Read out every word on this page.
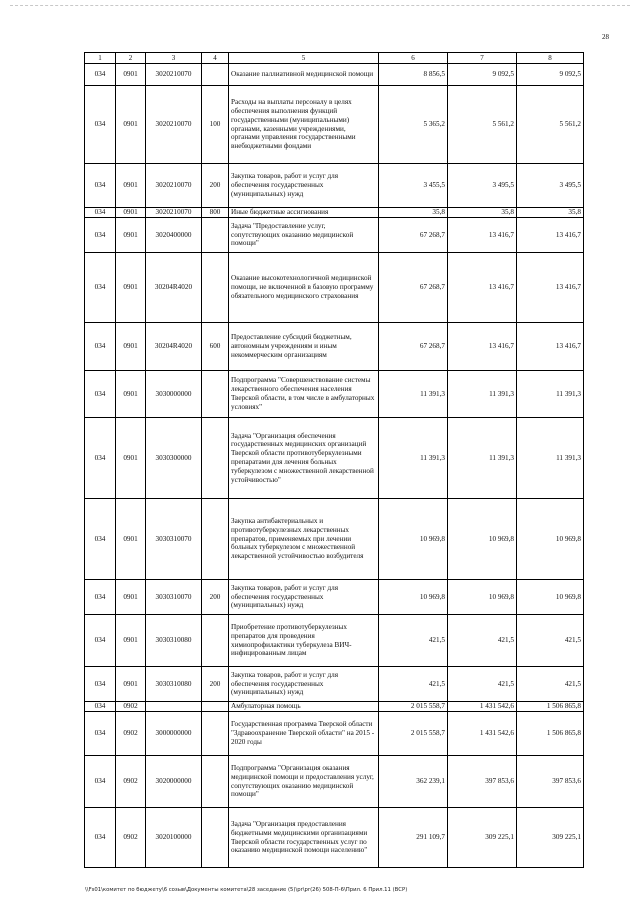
28
1	2	3	4	5	6	7	8
034	0901	3020210070		Оказание паллиативной медицинской помощи	8 856,5	9 092,5	9 092,5
034	0901	3020210070	100	Расходы на выплаты персоналу в целях обеспечения выполнения функций государственными (муниципальными) органами, казенными учреждениями, органами управления государственными внебюджетными фондами	5 365,2	5 561,2	5 561,2
034	0901	3020210070	200	Закупка товаров, работ и услуг для обеспечения государственных (муниципальных) нужд	3 455,5	3 495,5	3 495,5
034	0901	3020210070	800	Иные бюджетные ассигнования	35,8	35,8	35,8
034	0901	3020400000		Задача "Предоставление услуг, сопутствующих оказанию медицинской помощи"	67 268,7	13 416,7	13 416,7
034	0901	30204R4020		Оказание высокотехнологичной медицинской помощи, не включенной в базовую программу обязательного медицинского страхования	67 268,7	13 416,7	13 416,7
034	0901	30204R4020	600	Предоставление субсидий бюджетным, автономным учреждениям и иным некоммерческим организациям	67 268,7	13 416,7	13 416,7
034	0901	3030000000		Подпрограмма "Совершенствование системы лекарственного обеспечения населения Тверской области, в том числе в амбулаторных условиях"	11 391,3	11 391,3	11 391,3
034	0901	3030300000		Задача "Организация обеспечения государственных медицинских организаций Тверской области противотуберкулезными препаратами для лечения больных туберкулезом с множественной лекарственной устойчивостью"	11 391,3	11 391,3	11 391,3
034	0901	3030310070		Закупка антибактериальных и противотуберкулезных лекарственных препаратов, применяемых при лечении больных туберкулезом с множественной лекарственной устойчивостью возбудителя	10 969,8	10 969,8	10 969,8
034	0901	3030310070	200	Закупка товаров, работ и услуг для обеспечения государственных (муниципальных) нужд	10 969,8	10 969,8	10 969,8
034	0901	3030310080		Приобретение противотуберкулезных препаратов для проведения химиопрофилактики туберкулеза ВИЧ-инфицированным лицам	421,5	421,5	421,5
034	0901	3030310080	200	Закупка товаров, работ и услуг для обеспечения государственных (муниципальных) нужд	421,5	421,5	421,5
034	0902			Амбулаторная помощь	2 015 558,7	1 431 542,6	1 506 865,8
034	0902	3000000000		Государственная программа Тверской области "Здравоохранение Тверской области" на 2015 - 2020 годы	2 015 558,7	1 431 542,6	1 506 865,8
034	0902	3020000000		Подпрограмма "Организация оказания медицинской помощи и предоставления услуг, сопутствующих оказанию медицинской помощи"	362 239,1	397 853,6	397 853,6
034	0902	3020100000		Задача "Организация предоставления бюджетными медицинскими организациями Тверской области государственных услуг по оказанию медицинской помощи населению"	291 109,7	309 225,1	309 225,1
\\Fs01\комитет по бюджету\6 созыв\Документы комитета\28 заседание (5)\pr\pr(26) 508-П-6\Прил. 6 Прил.11 (ВСР)
